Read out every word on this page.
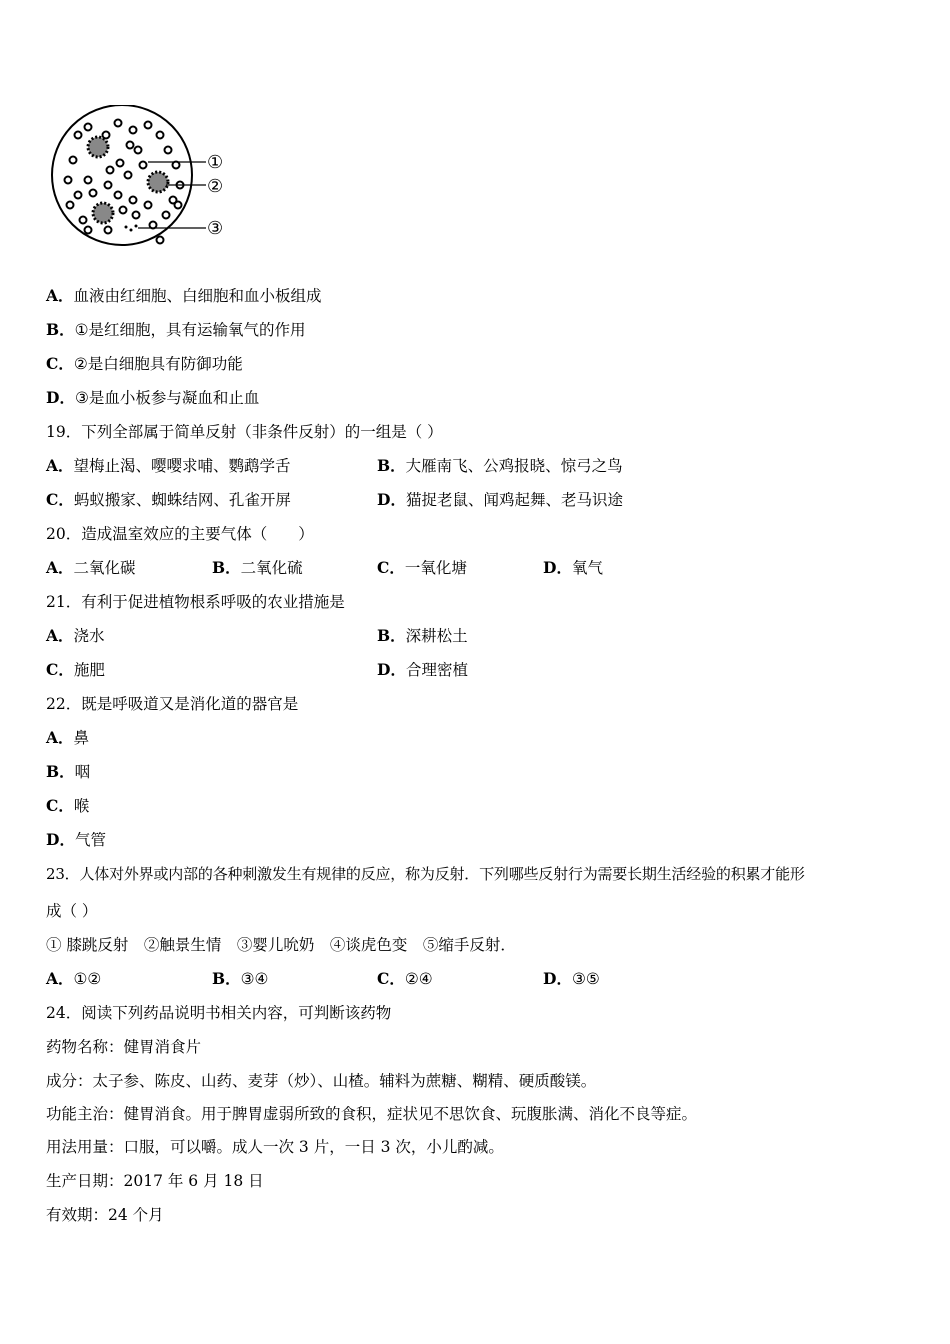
①
②
③
A．血液由红细胞、白细胞和血小板组成
B．①是红细胞，具有运输氧气的作用
C．②是白细胞具有防御功能
D．③是血小板参与凝血和止血
19．下列全部属于简单反射（非条件反射）的一组是（ ）
A．望梅止渴、嘤嘤求哺、鹦鹉学舌	B．大雁南飞、公鸡报晓、惊弓之鸟
C．蚂蚁搬家、蜘蛛结网、孔雀开屏	D．猫捉老鼠、闻鸡起舞、老马识途
20．造成温室效应的主要气体（　　）
A．二氧化碳	B．二氧化硫	C．一氧化塘	D．氧气
21．有利于促进植物根系呼吸的农业措施是
A．浇水	B．深耕松土
C．施肥	D．合理密植
22．既是呼吸道又是消化道的器官是
A．鼻
B．咽
C．喉
D．气管
23．人体对外界或内部的各种刺激发生有规律的反应，称为反射．下列哪些反射行为需要长期生活经验的积累才能形
成（ ）
① 膝跳反射　②触景生情　③婴儿吮奶　④谈虎色变　⑤缩手反射．
A．①②	B．③④	C．②④	D．③⑤
24．阅读下列药品说明书相关内容，可判断该药物
药物名称：健胃消食片
成分：太子参、陈皮、山药、麦芽（炒）、山楂。辅料为蔗糖、糊精、硬质酸镁。
功能主治：健胃消食。用于脾胃虚弱所致的食积，症状见不思饮食、玩腹胀满、消化不良等症。
用法用量：口服，可以嚼。成人一次 3 片，一日 3 次，小儿酌减。
生产日期：2017 年 6 月 18 日
有效期：24 个月
